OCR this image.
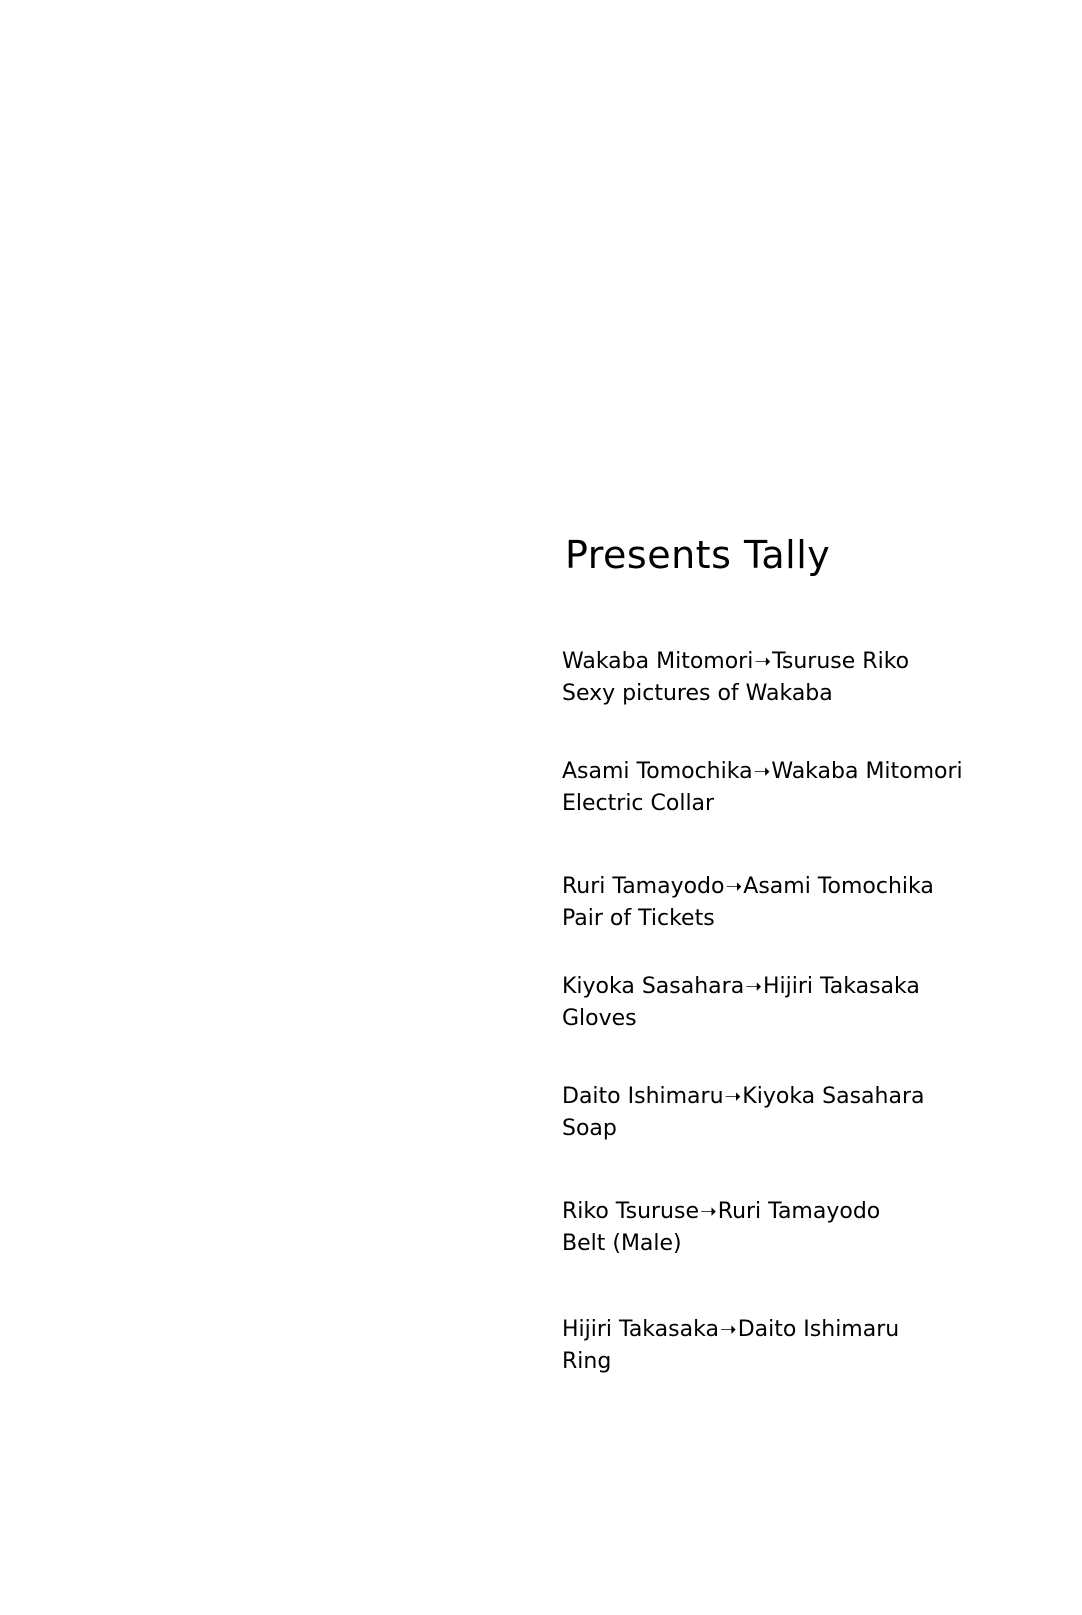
Presents Tally
Wakaba Mitomori➝Tsuruse Riko
Sexy pictures of Wakaba
Asami Tomochika➝Wakaba Mitomori
Electric Collar
Ruri Tamayodo➝Asami Tomochika
Pair of Tickets
Kiyoka Sasahara➝Hijiri Takasaka
Gloves
Daito Ishimaru➝Kiyoka Sasahara
Soap
Riko Tsuruse➝Ruri Tamayodo
Belt (Male)
Hijiri Takasaka➝Daito Ishimaru
Ring
